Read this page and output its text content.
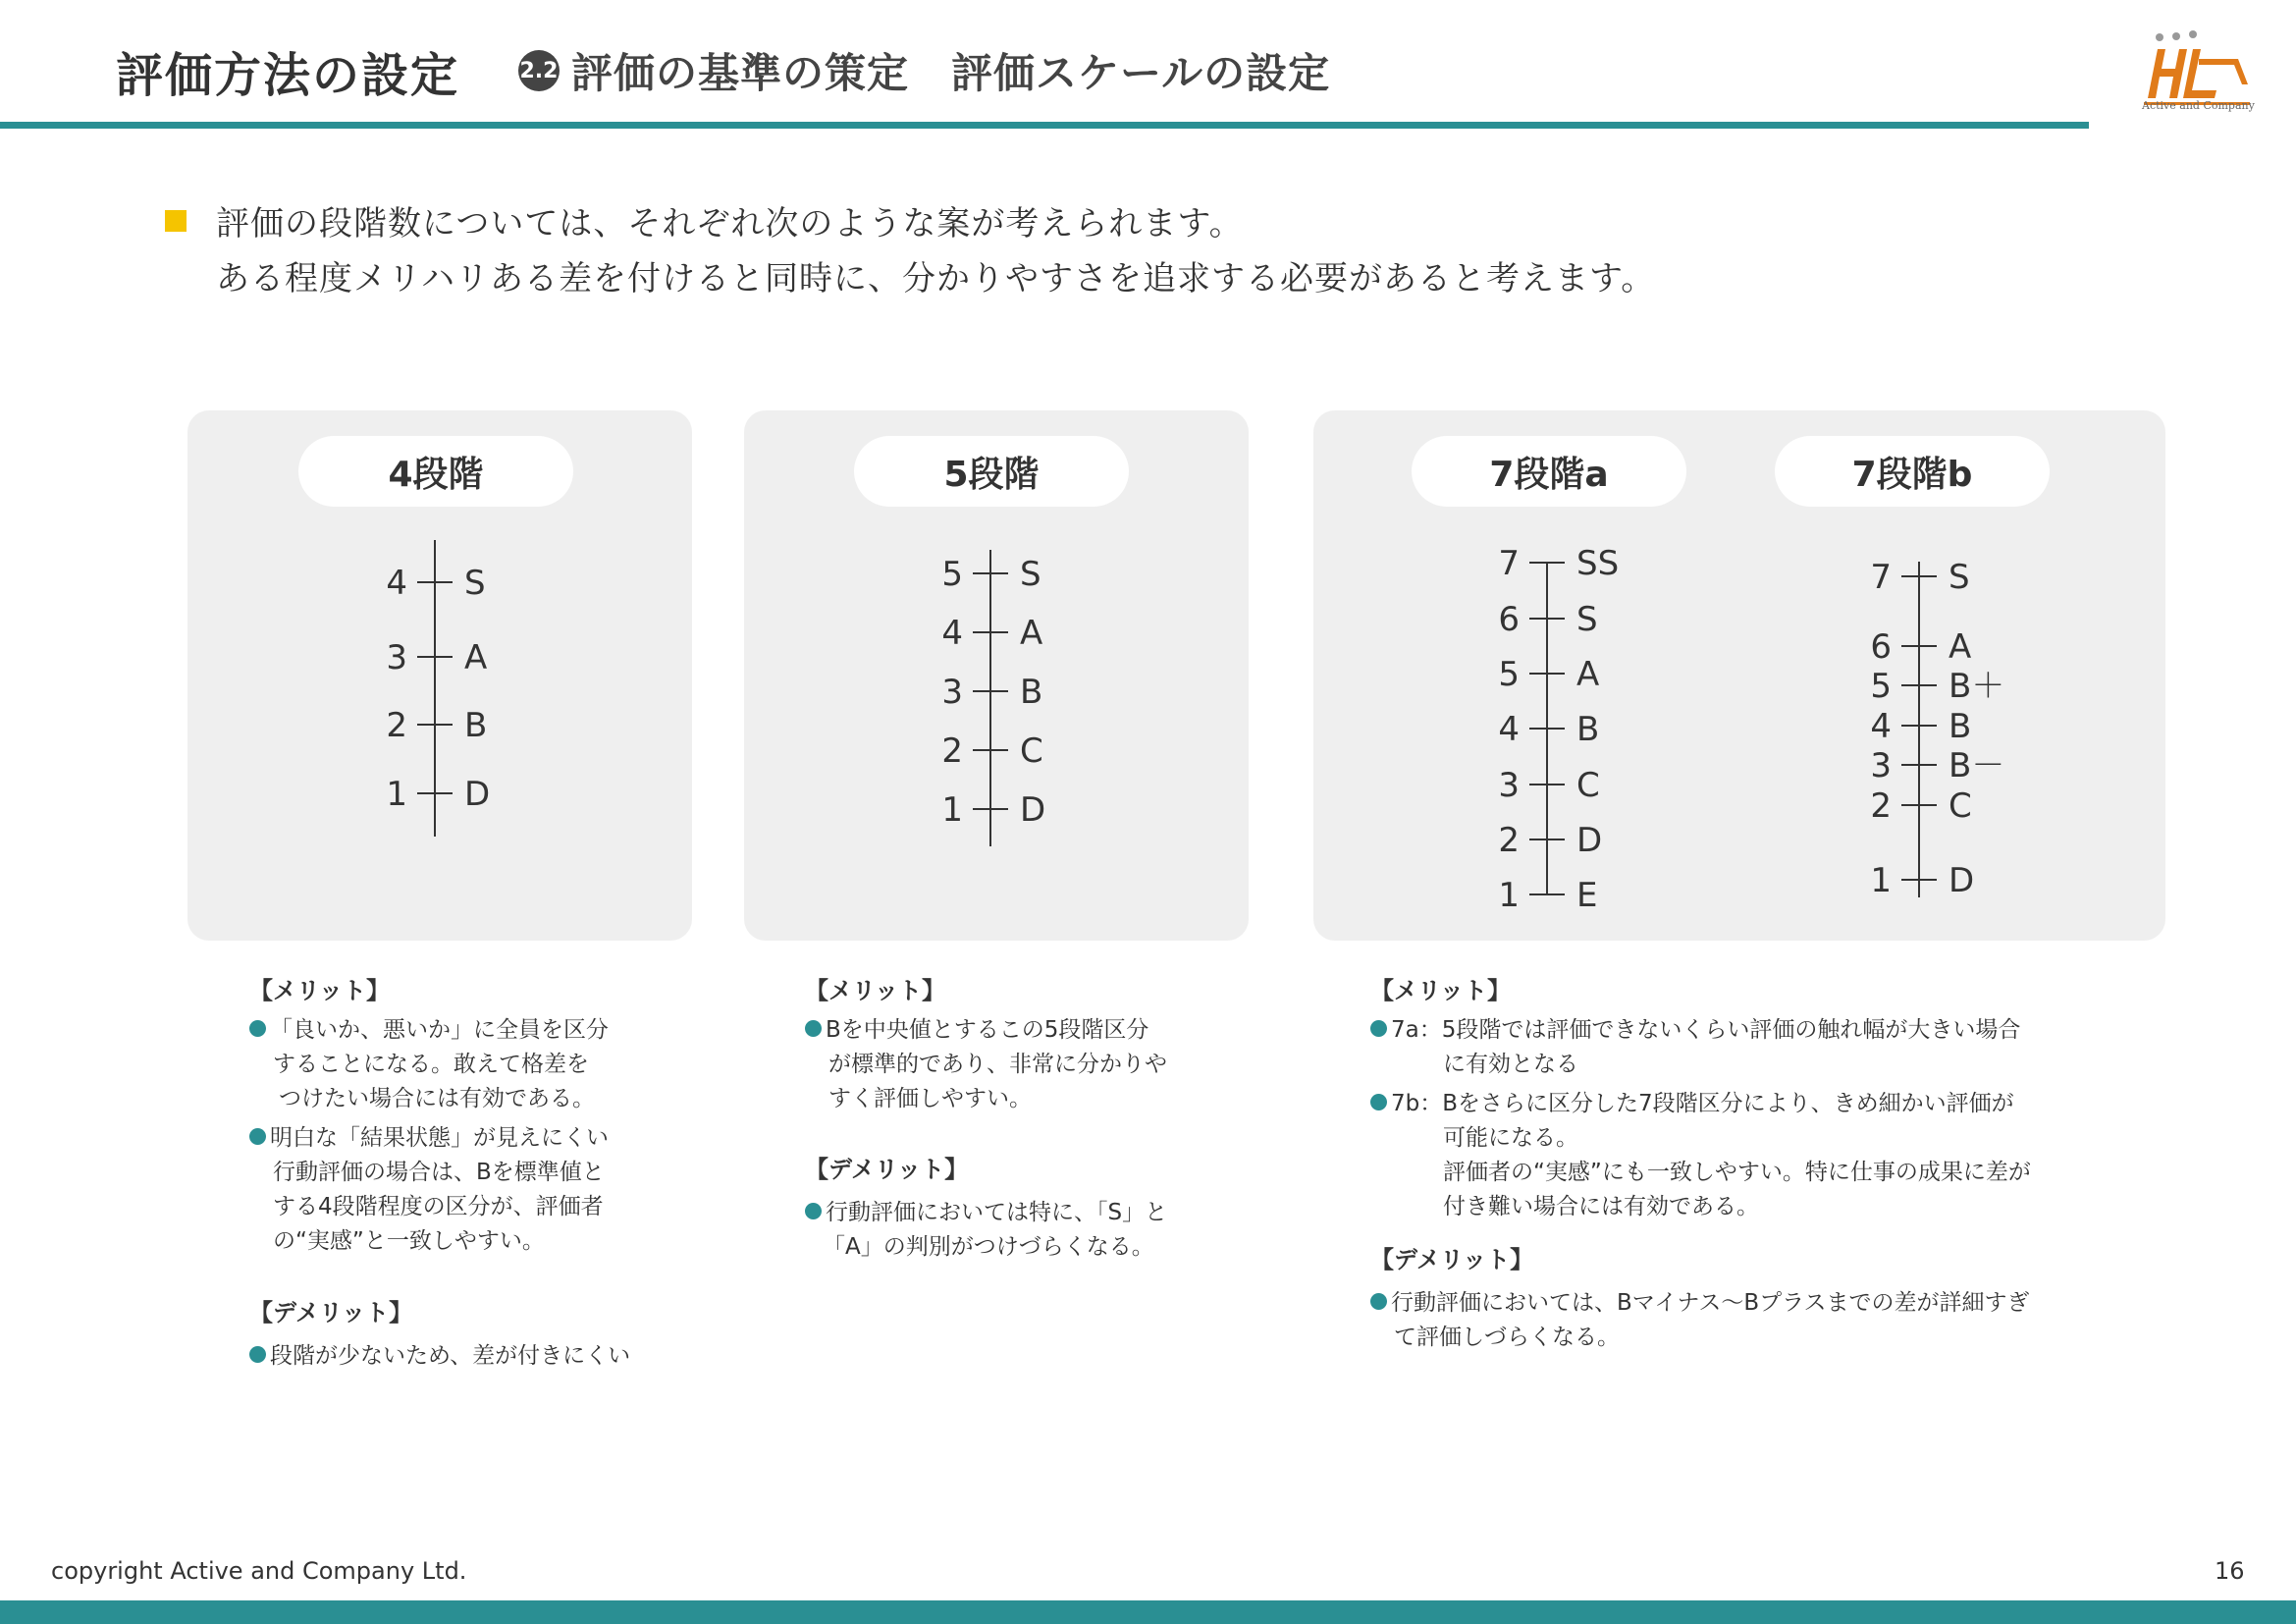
評価方法の設定	2.2 評価の基準の策定　評価スケールの設定
Active and Company
評価の段階数については、それぞれ次のような案が考えられます。
ある程度メリハリある差を付けると同時に、分かりやすさを追求する必要があると考えます。
4段階	5段階	7段階a	7段階b
4 S
3 A
2 B
1 D
5 S
4 A
3 B
2 C
1 D
7 SS
6 S
5 A
4 B
3 C
2 D
1 E
7 S
6 A
5 B＋
4 B
3 B－
2 C
1 D
【メリット】
「良いか、悪いか」に全員を区分
することになる。敢えて格差を
つけたい場合には有効である。
明白な「結果状態」が見えにくい
行動評価の場合は、Bを標準値と
する4段階程度の区分が、評価者
の“実感”と一致しやすい。
【デメリット】
段階が少ないため、差が付きにくい
【メリット】
Bを中央値とするこの5段階区分
が標準的であり、非常に分かりや
すく評価しやすい。
【デメリット】
行動評価においては特に、「S」と
「A」の判別がつけづらくなる。
【メリット】
7a：5段階では評価できないくらい評価の触れ幅が大きい場合
に有効となる
7b：Bをさらに区分した7段階区分により、きめ細かい評価が
可能になる。
評価者の“実感”にも一致しやすい。特に仕事の成果に差が
付き難い場合には有効である。
【デメリット】
行動評価においては、Bマイナス～Bプラスまでの差が詳細すぎ
て評価しづらくなる。
copyright Active and Company Ltd.	16
